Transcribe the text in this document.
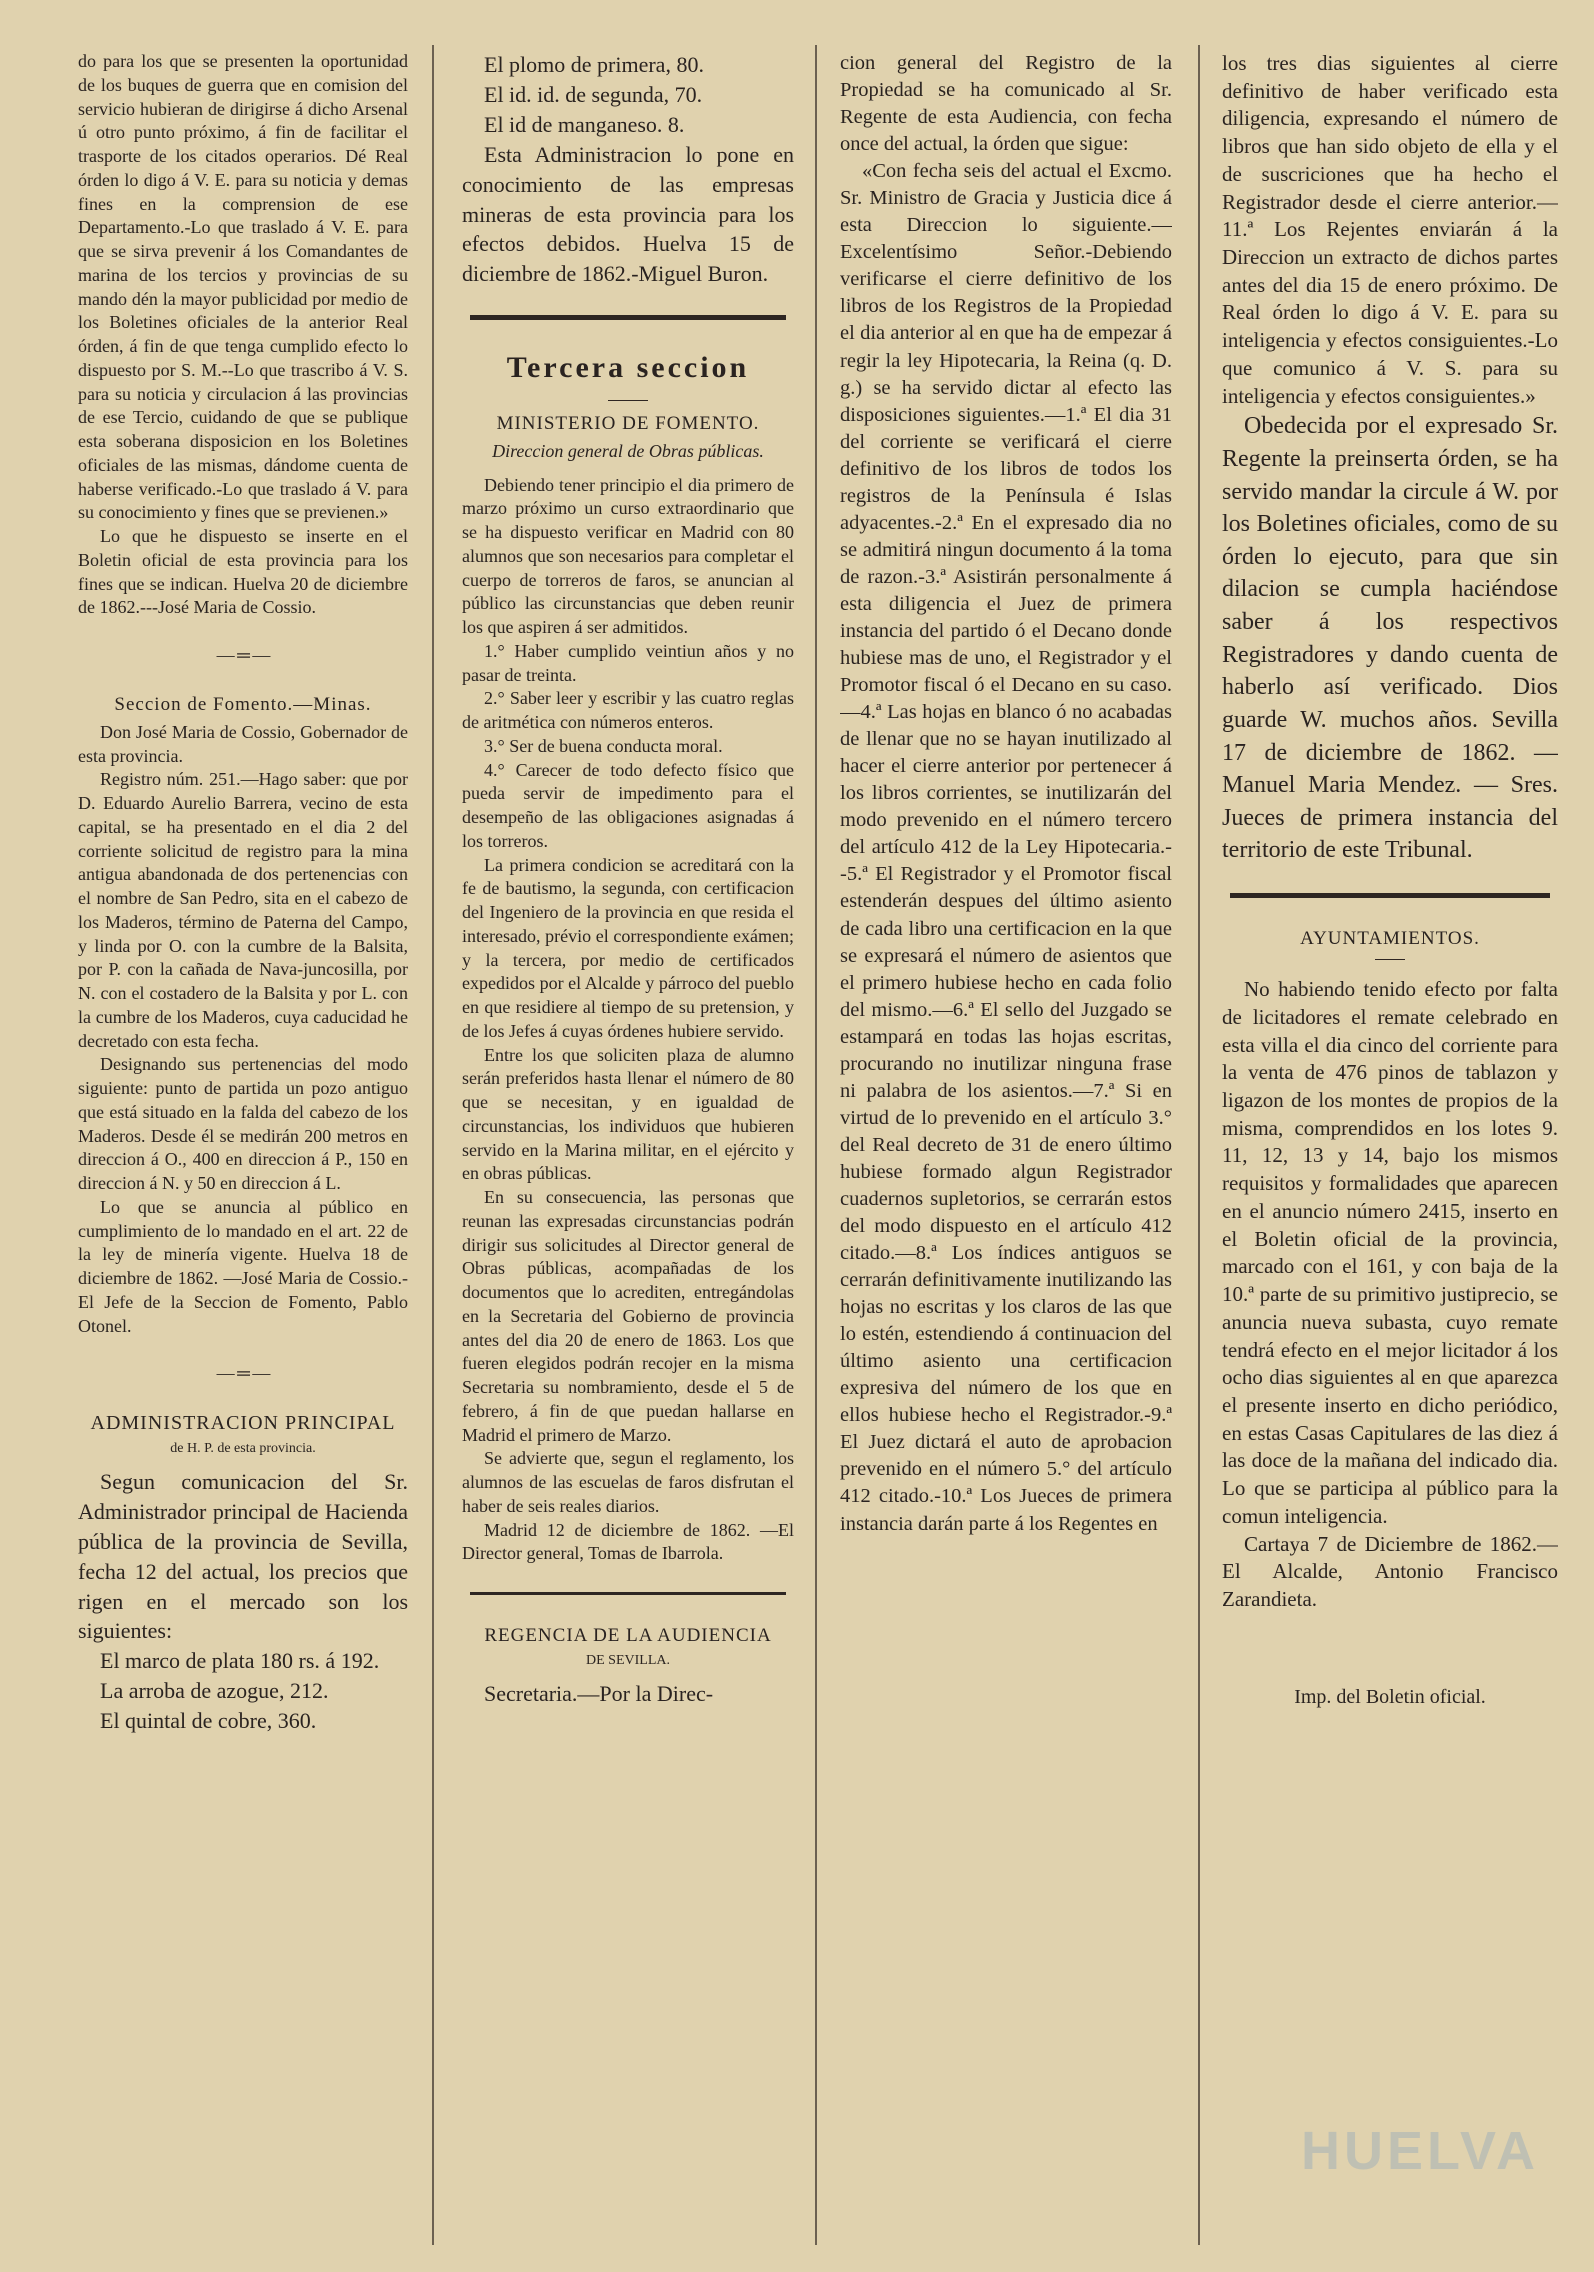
do para los que se presenten la oportunidad de los buques de guerra que en comision del servicio hubieran de dirigirse á dicho Arsenal ú otro punto próximo, á fin de facilitar el trasporte de los citados operarios. Dé Real órden lo digo á V. E. para su noticia y demas fines en la comprension de ese Departamento.-Lo que traslado á V. E. para que se sirva prevenir á los Comandantes de marina de los tercios y provincias de su mando dén la mayor publicidad por medio de los Boletines oficiales de la anterior Real órden, á fin de que tenga cumplido efecto lo dispuesto por S. M.--Lo que trascribo á V. S. para su noticia y circulacion á las provincias de ese Tercio, cuidando de que se publique esta soberana disposicion en los Boletines oficiales de las mismas, dándome cuenta de haberse verificado.-Lo que traslado á V. para su conocimiento y fines que se previenen.»

Lo que he dispuesto se inserte en el Boletin oficial de esta provincia para los fines que se indican. Huelva 20 de diciembre de 1862.---José Maria de Cossio.

— ═ —

Seccion de Fomento.—Minas.

Don José Maria de Cossio, Gobernador de esta provincia.

Registro núm. 251.—Hago saber: que por D. Eduardo Aurelio Barrera, vecino de esta capital, se ha presentado en el dia 2 del corriente solicitud de registro para la mina antigua abandonada de dos pertenencias con el nombre de San Pedro, sita en el cabezo de los Maderos, término de Paterna del Campo, y linda por O. con la cumbre de la Balsita, por P. con la cañada de Nava-juncosilla, por N. con el costadero de la Balsita y por L. con la cumbre de los Maderos, cuya caducidad he decretado con esta fecha.

Designando sus pertenencias del modo siguiente: punto de partida un pozo antiguo que está situado en la falda del cabezo de los Maderos. Desde él se medirán 200 metros en direccion á O., 400 en direccion á P., 150 en direccion á N. y 50 en direccion á L.

Lo que se anuncia al público en cumplimiento de lo mandado en el art. 22 de la ley de minería vigente. Huelva 18 de diciembre de 1862. —José Maria de Cossio.-El Jefe de la Seccion de Fomento, Pablo Otonel.

— ═ —

ADMINISTRACION PRINCIPAL

de H. P. de esta provincia.

Segun comunicacion del Sr. Administrador principal de Hacienda pública de la provincia de Sevilla, fecha 12 del actual, los precios que rigen en el mercado son los siguientes:

El marco de plata 180 rs. á 192.

La arroba de azogue, 212.

El quintal de cobre, 360.

El plomo de primera, 80.

El id. id. de segunda, 70.

El id de manganeso. 8.

Esta Administracion lo pone en conocimiento de las empresas mineras de esta provincia para los efectos debidos. Huelva 15 de diciembre de 1862.-Miguel Buron.

Tercera seccion

MINISTERIO DE FOMENTO.

Direccion general de Obras públicas.

Debiendo tener principio el dia primero de marzo próximo un curso extraordinario que se ha dispuesto verificar en Madrid con 80 alumnos que son necesarios para completar el cuerpo de torreros de faros, se anuncian al público las circunstancias que deben reunir los que aspiren á ser admitidos.

1.° Haber cumplido veintiun años y no pasar de treinta.

2.° Saber leer y escribir y las cuatro reglas de aritmética con números enteros.

3.° Ser de buena conducta moral.

4.° Carecer de todo defecto físico que pueda servir de impedimento para el desempeño de las obligaciones asignadas á los torreros.

La primera condicion se acreditará con la fe de bautismo, la segunda, con certificacion del Ingeniero de la provincia en que resida el interesado, prévio el correspondiente exámen; y la tercera, por medio de certificados expedidos por el Alcalde y párroco del pueblo en que residiere al tiempo de su pretension, y de los Jefes á cuyas órdenes hubiere servido.

Entre los que soliciten plaza de alumno serán preferidos hasta llenar el número de 80 que se necesitan, y en igualdad de circunstancias, los individuos que hubieren servido en la Marina militar, en el ejército y en obras públicas.

En su consecuencia, las personas que reunan las expresadas circunstancias podrán dirigir sus solicitudes al Director general de Obras públicas, acompañadas de los documentos que lo acrediten, entregándolas en la Secretaria del Gobierno de provincia antes del dia 20 de enero de 1863. Los que fueren elegidos podrán recojer en la misma Secretaria su nombramiento, desde el 5 de febrero, á fin de que puedan hallarse en Madrid el primero de Marzo.

Se advierte que, segun el reglamento, los alumnos de las escuelas de faros disfrutan el haber de seis reales diarios.

Madrid 12 de diciembre de 1862. —El Director general, Tomas de Ibarrola.

REGENCIA DE LA AUDIENCIA

DE SEVILLA.

Secretaria.—Por la Direc-

cion general del Registro de la Propiedad se ha comunicado al Sr. Regente de esta Audiencia, con fecha once del actual, la órden que sigue:

«Con fecha seis del actual el Excmo. Sr. Ministro de Gracia y Justicia dice á esta Direccion lo siguiente.—Excelentísimo Señor.-Debiendo verificarse el cierre definitivo de los libros de los Registros de la Propiedad el dia anterior al en que ha de empezar á regir la ley Hipotecaria, la Reina (q. D. g.) se ha servido dictar al efecto las disposiciones siguientes.—1.ª El dia 31 del corriente se verificará el cierre definitivo de los libros de todos los registros de la Península é Islas adyacentes.-2.ª En el expresado dia no se admitirá ningun documento á la toma de razon.-3.ª Asistirán personalmente á esta diligencia el Juez de primera instancia del partido ó el Decano donde hubiese mas de uno, el Registrador y el Promotor fiscal ó el Decano en su caso.—4.ª Las hojas en blanco ó no acabadas de llenar que no se hayan inutilizado al hacer el cierre anterior por pertenecer á los libros corrientes, se inutilizarán del modo prevenido en el número tercero del artículo 412 de la Ley Hipotecaria.--5.ª El Registrador y el Promotor fiscal estenderán despues del último asiento de cada libro una certificacion en la que se expresará el número de asientos que el primero hubiese hecho en cada folio del mismo.—6.ª El sello del Juzgado se estampará en todas las hojas escritas, procurando no inutilizar ninguna frase ni palabra de los asientos.—7.ª Si en virtud de lo prevenido en el artículo 3.° del Real decreto de 31 de enero último hubiese formado algun Registrador cuadernos supletorios, se cerrarán estos del modo dispuesto en el artículo 412 citado.—8.ª Los índices antiguos se cerrarán definitivamente inutilizando las hojas no escritas y los claros de las que lo estén, estendiendo á continuacion del último asiento una certificacion expresiva del número de los que en ellos hubiese hecho el Registrador.-9.ª El Juez dictará el auto de aprobacion prevenido en el número 5.° del artículo 412 citado.-10.ª Los Jueces de primera instancia darán parte á los Regentes en

los tres dias siguientes al cierre definitivo de haber verificado esta diligencia, expresando el número de libros que han sido objeto de ella y el de suscriciones que ha hecho el Registrador desde el cierre anterior.—11.ª Los Rejentes enviarán á la Direccion un extracto de dichos partes antes del dia 15 de enero próximo. De Real órden lo digo á V. E. para su inteligencia y efectos consiguientes.-Lo que comunico á V. S. para su inteligencia y efectos consiguientes.»

Obedecida por el expresado Sr. Regente la preinserta órden, se ha servido mandar la circule á W. por los Boletines oficiales, como de su órden lo ejecuto, para que sin dilacion se cumpla haciéndose saber á los respectivos Registradores y dando cuenta de haberlo así verificado. Dios guarde W. muchos años. Sevilla 17 de diciembre de 1862. —Manuel Maria Mendez. — Sres. Jueces de primera instancia del territorio de este Tribunal.

AYUNTAMIENTOS.

No habiendo tenido efecto por falta de licitadores el remate celebrado en esta villa el dia cinco del corriente para la venta de 476 pinos de tablazon y ligazon de los montes de propios de la misma, comprendidos en los lotes 9. 11, 12, 13 y 14, bajo los mismos requisitos y formalidades que aparecen en el anuncio número 2415, inserto en el Boletin oficial de la provincia, marcado con el 161, y con baja de la 10.ª parte de su primitivo justiprecio, se anuncia nueva subasta, cuyo remate tendrá efecto en el mejor licitador á los ocho dias siguientes al en que aparezca el presente inserto en dicho periódico, en estas Casas Capitulares de las diez á las doce de la mañana del indicado dia. Lo que se participa al público para la comun inteligencia.

Cartaya 7 de Diciembre de 1862.—El Alcalde, Antonio Francisco Zarandieta.

Imp. del Boletin oficial.

HUELVA
